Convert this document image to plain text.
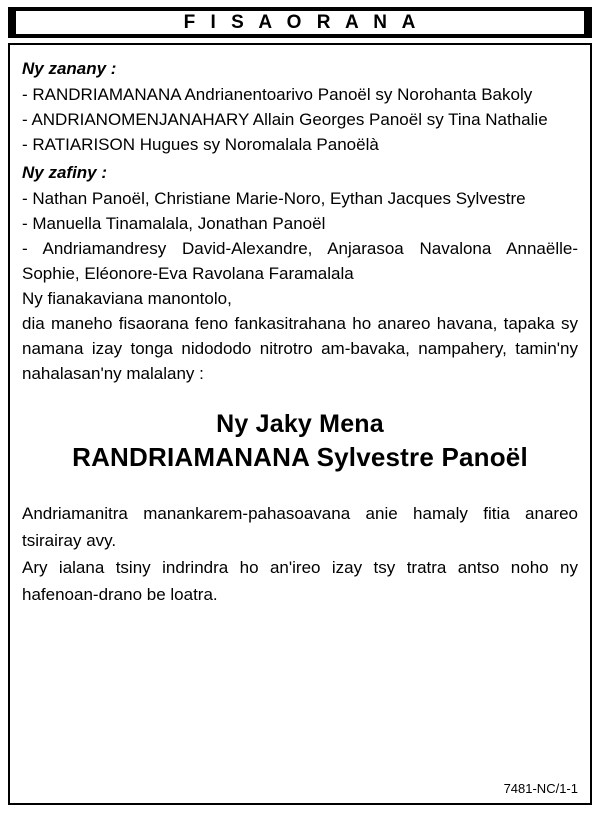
F I S A O R A N A
Ny zanany :

- RANDRIAMANANA Andrianentoarivo Panoël sy Norohanta Bakoly

- ANDRIANOMENJANAHARY Allain Georges Panoël sy Tina Nathalie

- RATIARISON Hugues sy Noromalala Panoëlà

Ny zafiny :

- Nathan Panoël, Christiane Marie-Noro, Eythan Jacques Sylvestre

- Manuella Tinamalala, Jonathan Panoël

- Andriamandresy David-Alexandre, Anjarasoa Navalona Annaëlle-Sophie, Eléonore-Eva Ravolana Faramalala

Ny fianakaviana manontolo,

dia maneho fisaorana feno fankasitrahana ho anareo havana, tapaka sy namana izay tonga nidododo nitrotro am-bavaka, nampahery, tamin'ny nahalasan'ny malalany :

Ny Jaky Mena

RANDRIAMANANA Sylvestre Panoël

Andriamanitra manankarem-pahasoavana anie hamaly fitia anareo tsirairay avy.

Ary ialana tsiny indrindra ho an'ireo izay tsy tratra antso noho ny hafenoan-drano be loatra.

7481-NC/1-1
